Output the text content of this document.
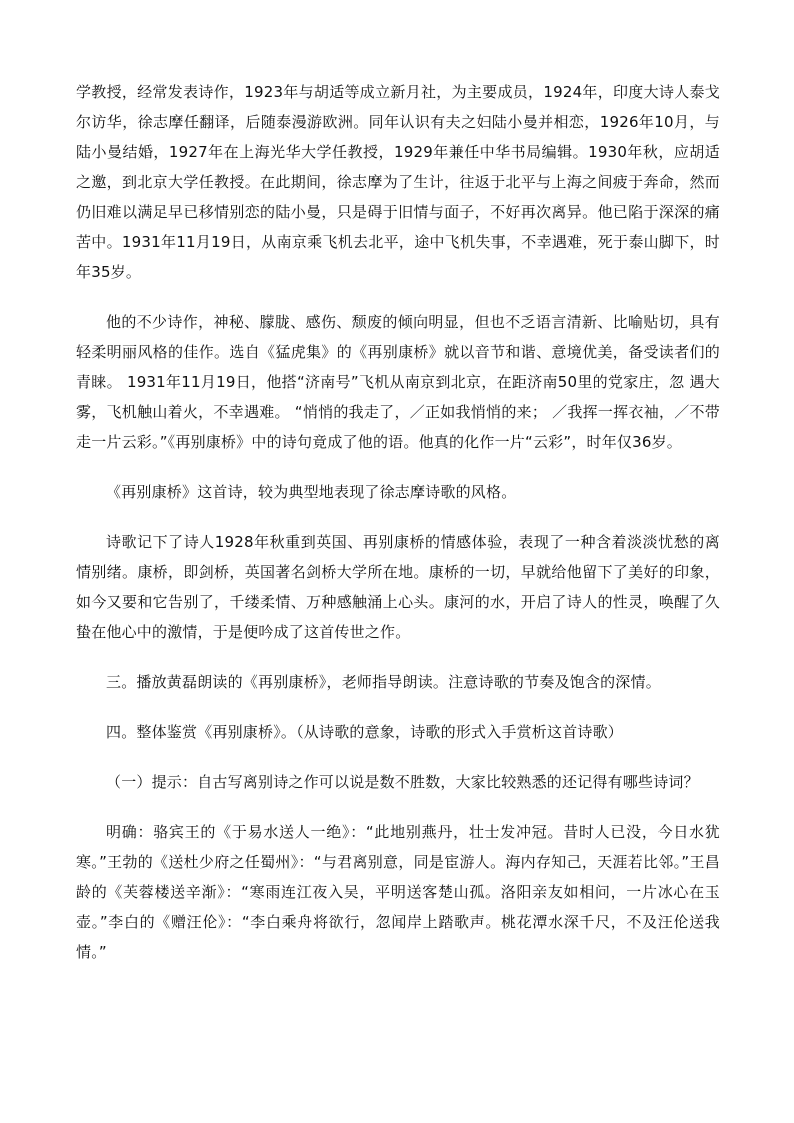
学教授，经常发表诗作，1923年与胡适等成立新月社，为主要成员，1924年，印度大诗人泰戈尔访华，徐志摩任翻译，后随泰漫游欧洲。同年认识有夫之妇陆小曼并相恋，1926年10月，与陆小曼结婚，1927年在上海光华大学任教授，1929年兼任中华书局编辑。1930年秋，应胡适之邀，到北京大学任教授。在此期间，徐志摩为了生计，往返于北平与上海之间疲于奔命，然而仍旧难以满足早已移情别恋的陆小曼，只是碍于旧情与面子，不好再次离异。他已陷于深深的痛苦中。1931年11月19日，从南京乘飞机去北平，途中飞机失事，不幸遇难，死于泰山脚下，时年35岁。

他的不少诗作，神秘、朦胧、感伤、颓废的倾向明显，但也不乏语言清新、比喻贴切，具有轻柔明丽风格的佳作。选自《猛虎集》的《再别康桥》就以音节和谐、意境优美，备受读者们的青睐。 1931年11月19日，他搭“济南号”飞机从南京到北京，在距济南50里的党家庄，忽 遇大雾，飞机触山着火，不幸遇难。 “悄悄的我走了，／正如我悄悄的来； ／我挥一挥衣袖，／不带走一片云彩。”《再别康桥》中的诗句竟成了他的语。他真的化作一片“云彩”，时年仅36岁。

《再别康桥》这首诗，较为典型地表现了徐志摩诗歌的风格。

诗歌记下了诗人1928年秋重到英国、再别康桥的情感体验，表现了一种含着淡淡忧愁的离情别绪。康桥，即剑桥，英国著名剑桥大学所在地。康桥的一切，早就给他留下了美好的印象，如今又要和它告别了，千缕柔情、万种感触涌上心头。康河的水，开启了诗人的性灵，唤醒了久蛰在他心中的激情，于是便吟成了这首传世之作。

三。播放黄磊朗读的《再别康桥》，老师指导朗读。注意诗歌的节奏及饱含的深情。

四。整体鉴赏《再别康桥》。（从诗歌的意象，诗歌的形式入手赏析这首诗歌）

（一）提示：自古写离别诗之作可以说是数不胜数，大家比较熟悉的还记得有哪些诗词？

明确：骆宾王的《于易水送人一绝》：“此地别燕丹，壮士发冲冠。昔时人已没，今日水犹寒。”王勃的《送杜少府之任蜀州》：“与君离别意，同是宦游人。海内存知己，天涯若比邻。”王昌龄的《芙蓉楼送辛渐》：“寒雨连江夜入吴，平明送客楚山孤。洛阳亲友如相问，一片冰心在玉壶。”李白的《赠汪伦》：“李白乘舟将欲行，忽闻岸上踏歌声。桃花潭水深千尺，不及汪伦送我情。”
